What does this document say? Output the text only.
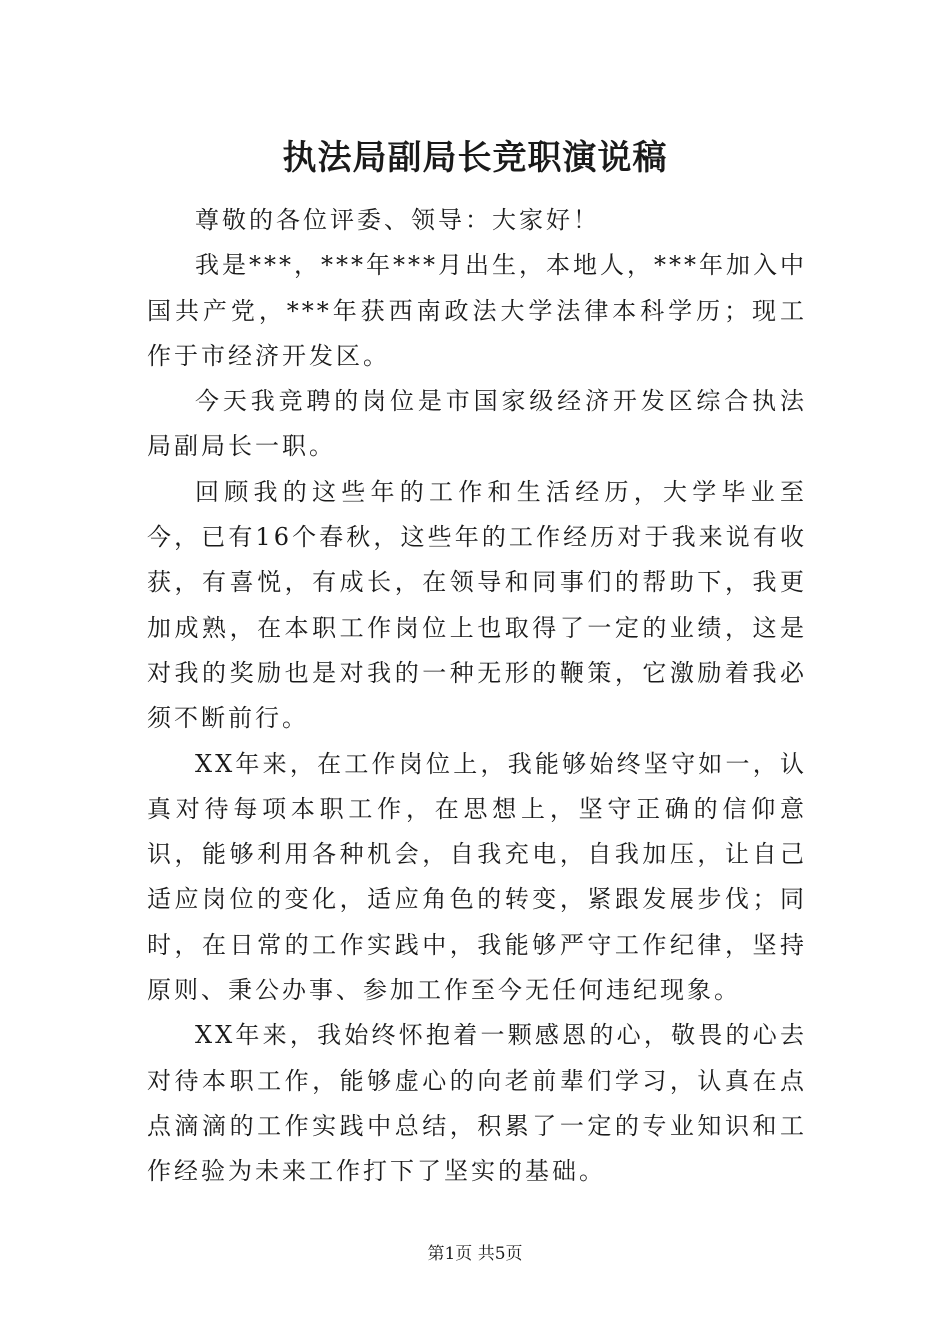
执法局副局长竞职演说稿

尊敬的各位评委、领导：大家好！

我是***，***年***月出生，本地人，***年加入中国共产党，***年获西南政法大学法律本科学历；现工作于市经济开发区。

今天我竞聘的岗位是市国家级经济开发区综合执法局副局长一职。

回顾我的这些年的工作和生活经历，大学毕业至今，已有16个春秋，这些年的工作经历对于我来说有收获，有喜悦，有成长，在领导和同事们的帮助下，我更加成熟，在本职工作岗位上也取得了一定的业绩，这是对我的奖励也是对我的一种无形的鞭策，它激励着我必须不断前行。

XX年来，在工作岗位上，我能够始终坚守如一，认真对待每项本职工作，在思想上，坚守正确的信仰意识，能够利用各种机会，自我充电，自我加压，让自己适应岗位的变化，适应角色的转变，紧跟发展步伐；同时，在日常的工作实践中，我能够严守工作纪律，坚持原则、秉公办事、参加工作至今无任何违纪现象。

XX年来，我始终怀抱着一颗感恩的心，敬畏的心去对待本职工作，能够虚心的向老前辈们学习，认真在点点滴滴的工作实践中总结，积累了一定的专业知识和工作经验为未来工作打下了坚实的基础。

第1页 共5页
